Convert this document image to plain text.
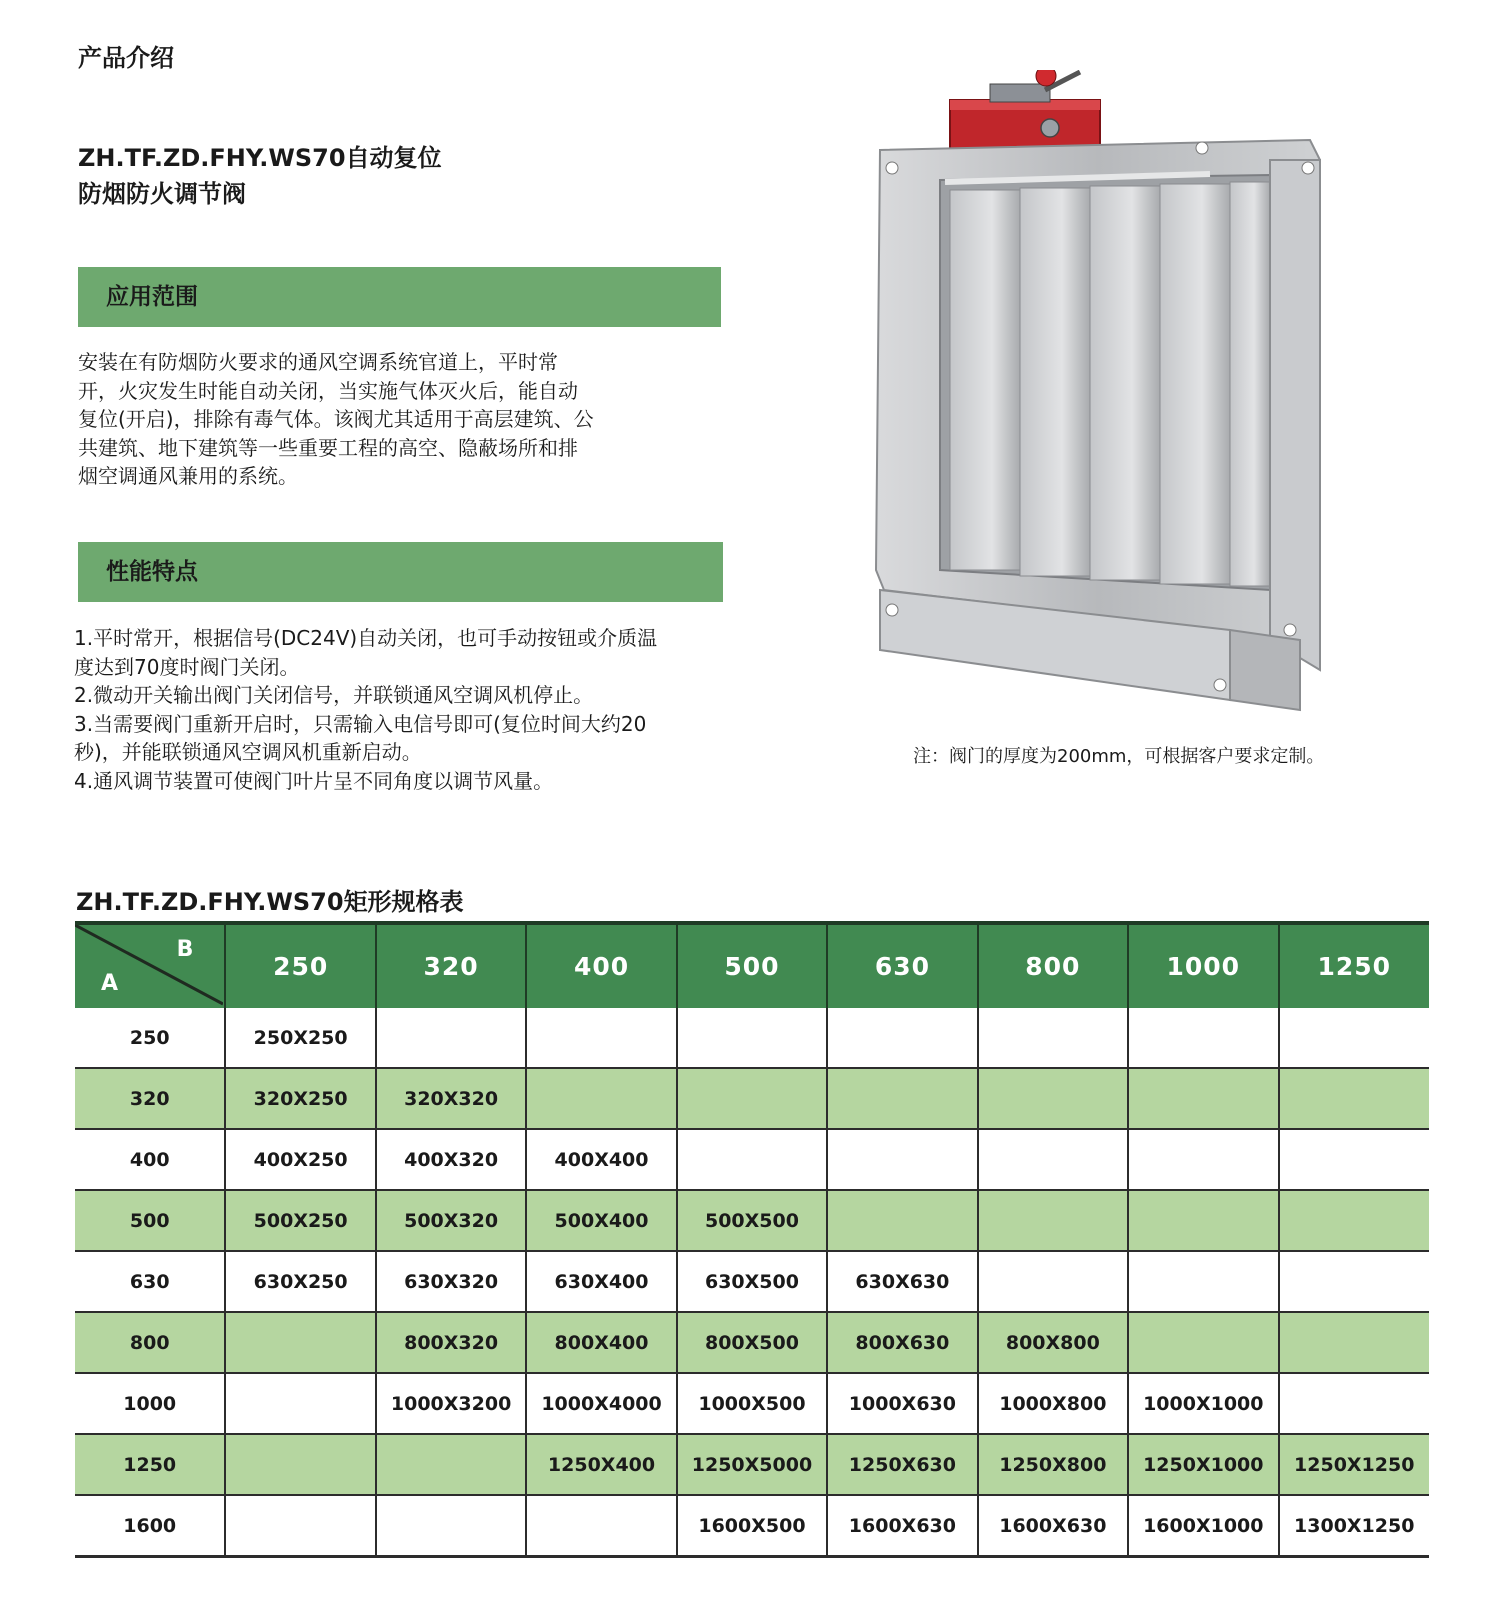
产品介绍
ZH.TF.ZD.FHY.WS70自动复位
防烟防火调节阀
应用范围
安装在有防烟防火要求的通风空调系统官道上，平时常
开，火灾发生时能自动关闭，当实施气体灭火后，能自动
复位(开启)，排除有毒气体。该阀尤其适用于高层建筑、公
共建筑、地下建筑等一些重要工程的高空、隐蔽场所和排
烟空调通风兼用的系统。
性能特点
1.平时常开，根据信号(DC24V)自动关闭，也可手动按钮或介质温
度达到70度时阀门关闭。
2.微动开关输出阀门关闭信号，并联锁通风空调风机停止。
3.当需要阀门重新开启时，只需输入电信号即可(复位时间大约20
秒)，并能联锁通风空调风机重新启动。
4.通风调节装置可使阀门叶片呈不同角度以调节风量。
注：阀门的厚度为200mm，可根据客户要求定制。
ZH.TF.ZD.FHY.WS70矩形规格表
B
A	250	320	400	500	630	800	1000	1250
250	250X250							
320	320X250	320X320						
400	400X250	400X320	400X400					
500	500X250	500X320	500X400	500X500				
630	630X250	630X320	630X400	630X500	630X630			
800		800X320	800X400	800X500	800X630	800X800		
1000		1000X3200	1000X4000	1000X500	1000X630	1000X800	1000X1000	
1250			1250X400	1250X5000	1250X630	1250X800	1250X1000	1250X1250
1600				1600X500	1600X630	1600X630	1600X1000	1300X1250
